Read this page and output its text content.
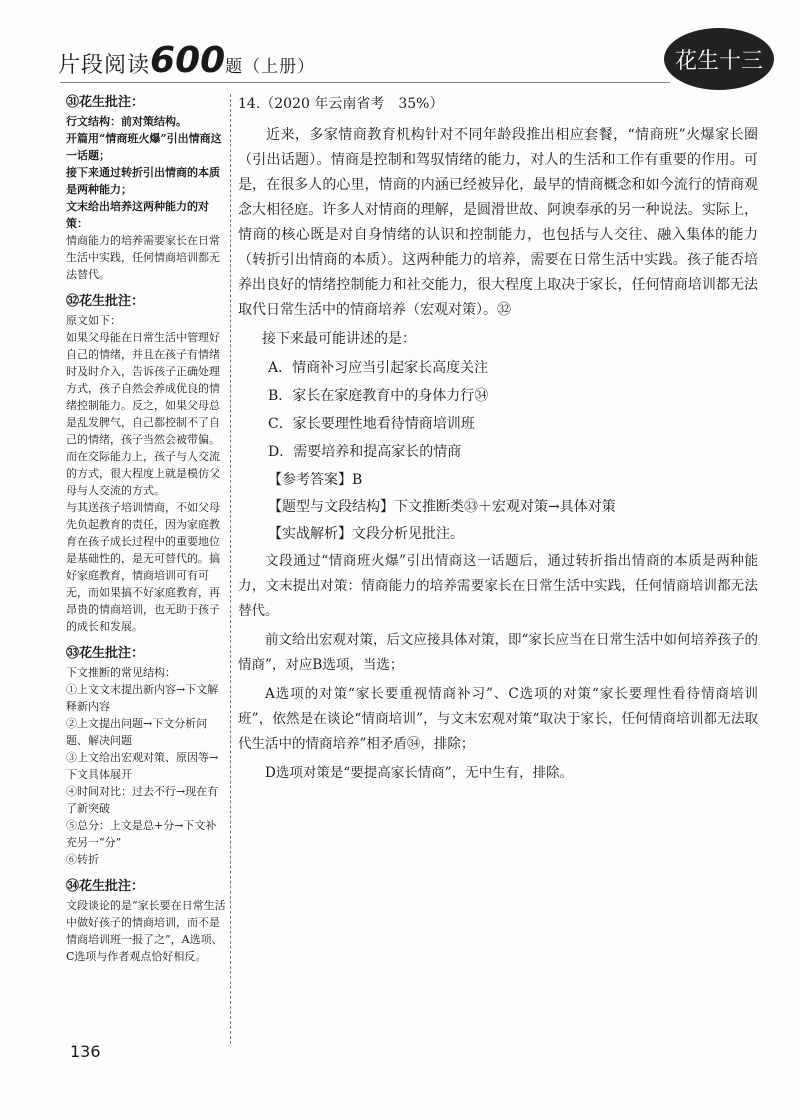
片段阅读600题（上册）	花生十三
㉛花生批注：

行文结构：前对策结构。

开篇用“情商班火爆”引出情商这一话题；

接下来通过转折引出情商的本质是两种能力；

文末给出培养这两种能力的对策：

情商能力的培养需要家长在日常生活中实践，任何情商培训都无法替代。

㉜花生批注：

原文如下：

如果父母能在日常生活中管理好自己的情绪，并且在孩子有情绪时及时介入，告诉孩子正确处理方式，孩子自然会养成优良的情绪控制能力。反之，如果父母总是乱发脾气，自己都控制不了自己的情绪，孩子当然会被带偏。而在交际能力上，孩子与人交流的方式，很大程度上就是模仿父母与人交流的方式。

与其送孩子培训情商，不如父母先负起教育的责任，因为家庭教育在孩子成长过程中的重要地位是基础性的，是无可替代的。搞好家庭教育，情商培训可有可无，而如果搞不好家庭教育，再昂贵的情商培训，也无助于孩子的成长和发展。

㉝花生批注：

下文推断的常见结构：

①上文文末提出新内容→下文解释新内容

②上文提出问题→下文分析问题、解决问题

③上文给出宏观对策、原因等→下文具体展开

④时间对比：过去不行→现在有了新突破

⑤总分：上文是总+分→下文补充另一“分”

⑥转折

㉞花生批注：

文段谈论的是“家长要在日常生活中做好孩子的情商培训，而不是情商培训班一报了之”，A选项、C选项与作者观点恰好相反。

14.（2020 年云南省考　35%）

近来，多家情商教育机构针对不同年龄段推出相应套餐，“情商班”火爆家长圈（引出话题）。情商是控制和驾驭情绪的能力，对人的生活和工作有重要的作用。可是，在很多人的心里，情商的内涵已经被异化，最早的情商概念和如今流行的情商观念大相径庭。许多人对情商的理解，是圆滑世故、阿谀奉承的另一种说法。实际上，情商的核心既是对自身情绪的认识和控制能力，也包括与人交往、融入集体的能力（转折引出情商的本质）。这两种能力的培养，需要在日常生活中实践。孩子能否培养出良好的情绪控制能力和社交能力，很大程度上取决于家长，任何情商培训都无法取代日常生活中的情商培养（宏观对策）。㉜

接下来最可能讲述的是：

A．情商补习应当引起家长高度关注
B．家长在家庭教育中的身体力行㉞
C．家长要理性地看待情商培训班
D．需要培养和提高家长的情商
【参考答案】B
【题型与文段结构】下文推断类㉝＋宏观对策→具体对策
【实战解析】文段分析见批注。

文段通过“情商班火爆”引出情商这一话题后，通过转折指出情商的本质是两种能力，文末提出对策：情商能力的培养需要家长在日常生活中实践，任何情商培训都无法替代。

前文给出宏观对策，后文应接具体对策，即“家长应当在日常生活中如何培养孩子的情商”，对应B选项，当选；

A选项的对策“家长要重视情商补习”、C选项的对策“家长要理性看待情商培训班”，依然是在谈论“情商培训”，与文末宏观对策“取决于家长，任何情商培训都无法取代生活中的情商培养”相矛盾㉞，排除；

D选项对策是“要提高家长情商”，无中生有，排除。

136
